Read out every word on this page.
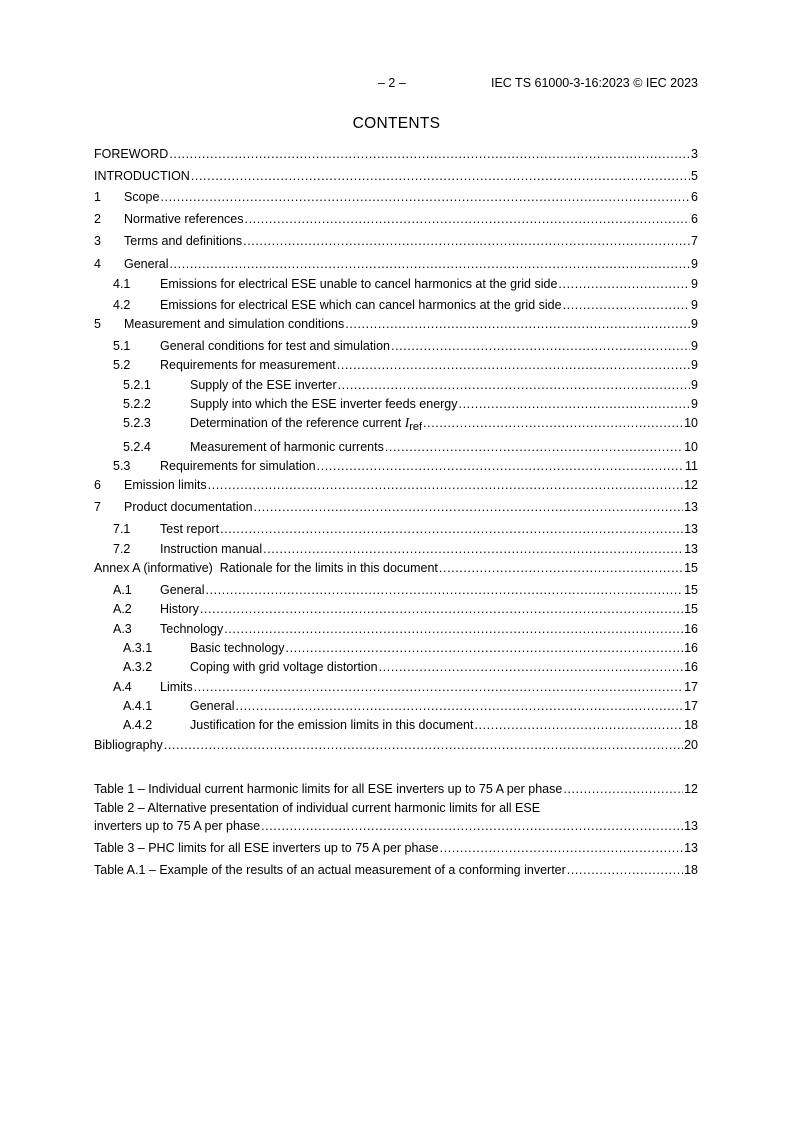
– 2 –	IEC TS 61000-3-16:2023 © IEC 2023
CONTENTS
FOREWORD .....	3
INTRODUCTION .....	5
1	Scope .....	6
2	Normative references .....	6
3	Terms and definitions .....	7
4	General .....	9
4.1	Emissions for electrical ESE unable to cancel harmonics at the grid side .....	9
4.2	Emissions for electrical ESE which can cancel harmonics at the grid side .....	9
5	Measurement and simulation conditions .....	9
5.1	General conditions for test and simulation .....	9
5.2	Requirements for measurement .....	9
5.2.1	Supply of the ESE inverter .....	9
5.2.2	Supply into which the ESE inverter feeds energy .....	9
5.2.3	Determination of the reference current $I_{ref}$ .....	10
5.2.4	Measurement of harmonic currents .....	10
5.3	Requirements for simulation .....	11
6	Emission limits .....	12
7	Product documentation .....	13
7.1	Test report .....	13
7.2	Instruction manual .....	13
Annex A (informative)  Rationale for the limits in this document .....	15
A.1	General .....	15
A.2	History .....	15
A.3	Technology .....	16
A.3.1	Basic technology .....	16
A.3.2	Coping with grid voltage distortion .....	16
A.4	Limits .....	17
A.4.1	General .....	17
A.4.2	Justification for the emission limits in this document .....	18
Bibliography .....	20
Table 1 – Individual current harmonic limits for all ESE inverters up to 75 A per phase .....	12
Table 2 – Alternative presentation of individual current harmonic limits for all ESE
inverters up to 75 A per phase .....	13
Table 3 – PHC limits for all ESE inverters up to 75 A per phase .....	13
Table A.1 – Example of the results of an actual measurement of a conforming inverter .....	18
